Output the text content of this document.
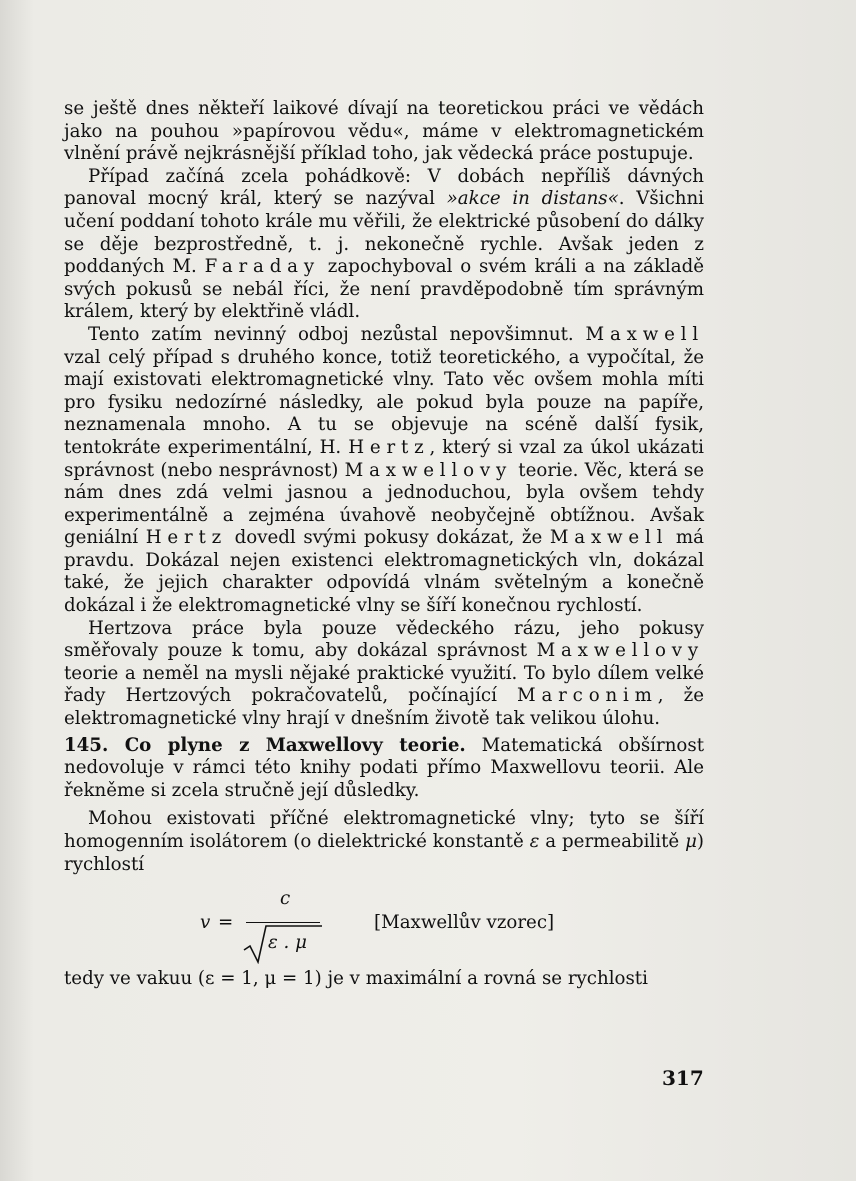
se ještě dnes někteří laikové dívají na teoretickou práci ve vědách jako na pouhou »papírovou vědu«, máme v elektromagnetickém vlnění právě nejkrásnější příklad toho, jak vědecká práce postupuje.

Případ začíná zcela pohádkově: V dobách nepříliš dávných panoval mocný král, který se nazýval »akce in distans«. Všichni učení poddaní tohoto krále mu věřili, že elektrické působení do dálky se děje bezprostředně, t. j. nekonečně rychle. Avšak jeden z poddaných M. Faraday zapochyboval o svém králi a na základě svých pokusů se nebál říci, že není pravděpodobně tím správným králem, který by elektřině vládl.

Tento zatím nevinný odboj nezůstal nepovšimnut. Maxwell vzal celý případ s druhého konce, totiž teoretického, a vypočítal, že mají existovati elektromagnetické vlny. Tato věc ovšem mohla míti pro fysiku nedozírné následky, ale pokud byla pouze na papíře, neznamenala mnoho. A tu se objevuje na scéně další fysik, tentokráte experimentální, H. Hertz, který si vzal za úkol ukázati správnost (nebo nesprávnost) Maxwellovy teorie. Věc, která se nám dnes zdá velmi jasnou a jednoduchou, byla ovšem tehdy experimentálně a zejména úvahově neobyčejně obtížnou. Avšak geniální Hertz dovedl svými pokusy dokázat, že Maxwell má pravdu. Dokázal nejen existenci elektromagnetických vln, dokázal také, že jejich charakter odpovídá vlnám světelným a konečně dokázal i že elektromagnetické vlny se šíří konečnou rychlostí.

Hertzova práce byla pouze vědeckého rázu, jeho pokusy směřovaly pouze k tomu, aby dokázal správnost Maxwellovy teorie a neměl na mysli nějaké praktické využití. To bylo dílem velké řady Hertzových pokračovatelů, počínající Marconim, že elektromagnetické vlny hrají v dnešním životě tak velikou úlohu.

145. Co plyne z Maxwellovy teorie. Matematická obšírnost nedovoluje v rámci této knihy podati přímo Maxwellovu teorii. Ale řekněme si zcela stručně její důsledky.

Mohou existovati příčné elektromagnetické vlny; tyto se šíří homogenním isolátorem (o dielektrické konstantě ε a permeabilitě μ) rychlostí

v =
c
ε . μ
[Maxwellův vzorec]

tedy ve vakuu (ε = 1, μ = 1) je v maximální a rovná se rychlosti

317
